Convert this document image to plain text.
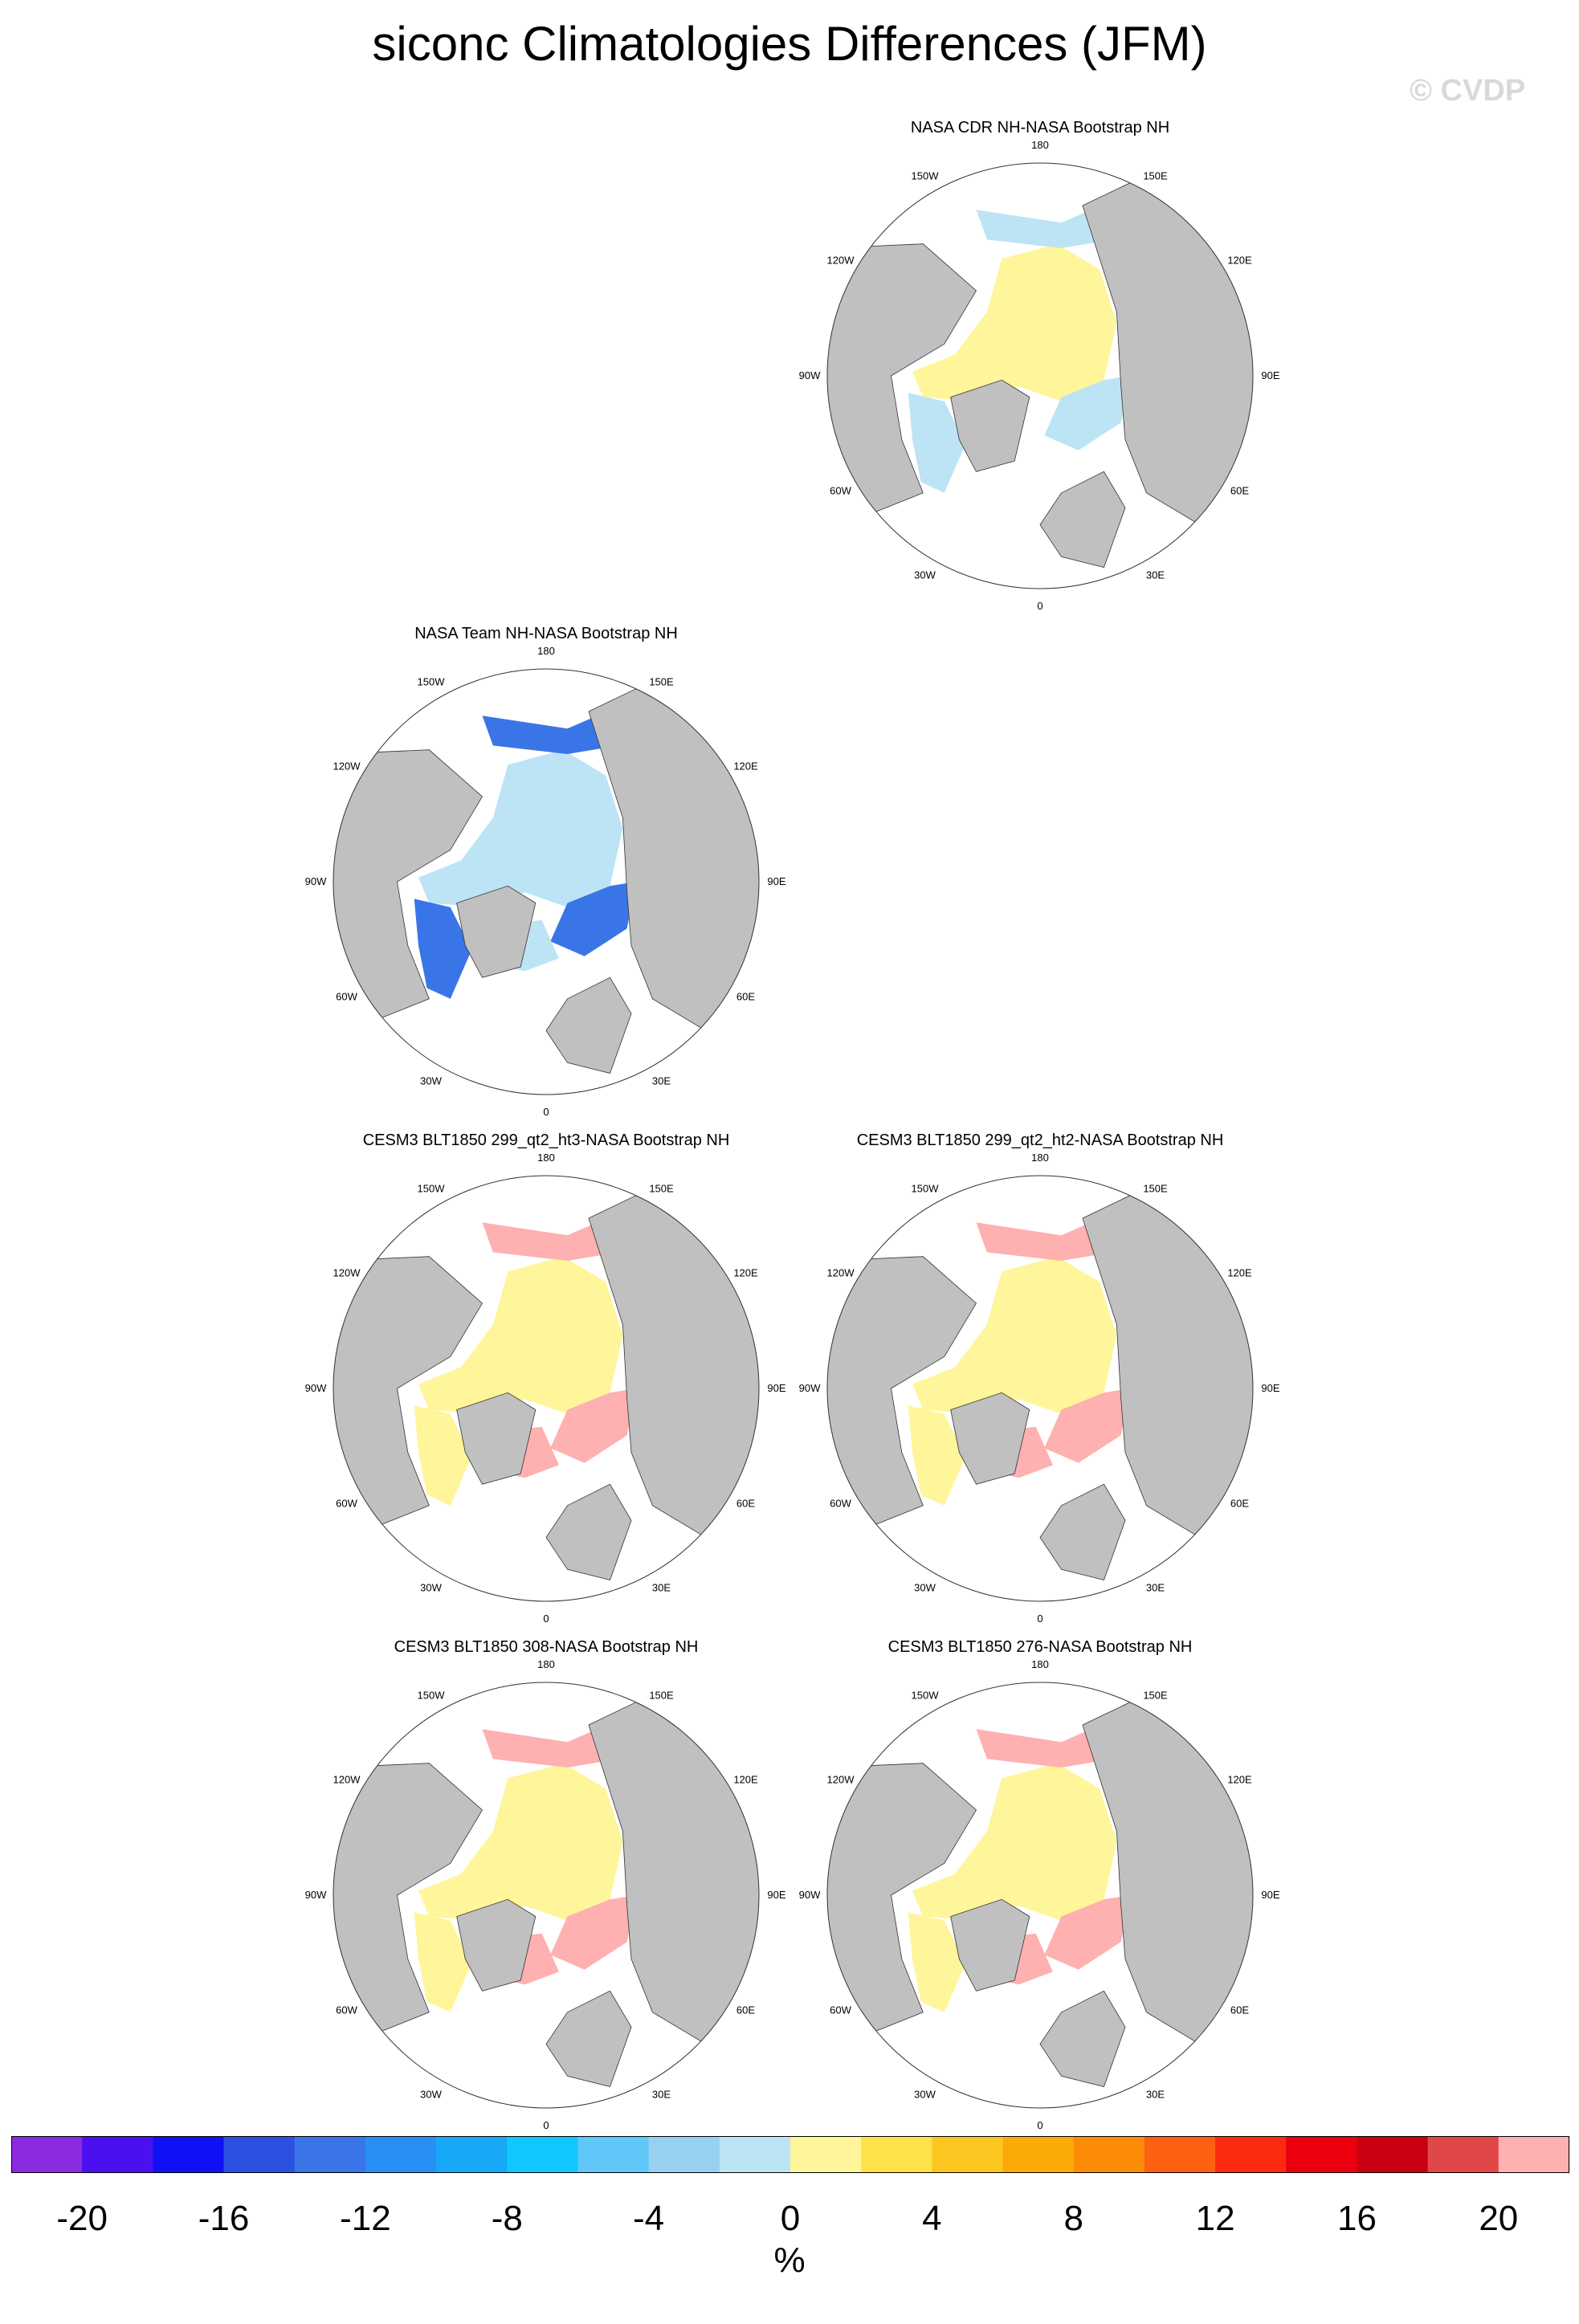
siconc Climatologies Differences (JFM)
© CVDP
NASA CDR NH-NASA Bootstrap NH
180
150E
120E
90E
60E
30E
0
30W
60W
90W
120W
150W
NASA Team NH-NASA Bootstrap NH
180
150E
120E
90E
60E
30E
0
30W
60W
90W
120W
150W
CESM3 BLT1850 299_qt2_ht3-NASA Bootstrap NH
180
150E
120E
90E
60E
30E
0
30W
60W
90W
120W
150W
CESM3 BLT1850 299_qt2_ht2-NASA Bootstrap NH
180
150E
120E
90E
60E
30E
0
30W
60W
90W
120W
150W
CESM3 BLT1850 308-NASA Bootstrap NH
180
150E
120E
90E
60E
30E
0
30W
60W
90W
120W
150W
CESM3 BLT1850 276-NASA Bootstrap NH
180
150E
120E
90E
60E
30E
0
30W
60W
90W
120W
150W
-20	-16	-12	-8	-4	0	4	8	12	16	20
%
